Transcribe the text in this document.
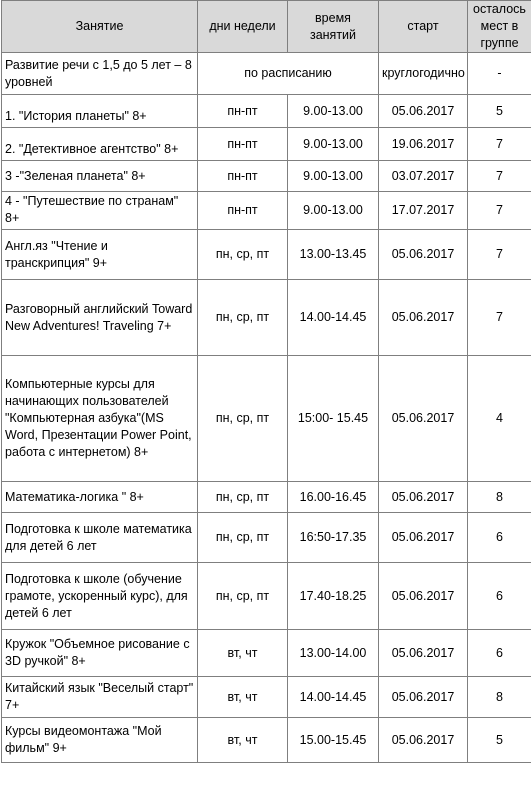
Занятие	дни недели	время занятий	старт	осталось мест в группе
Развитие речи с 1,5 до 5 лет – 8 уровней	по расписанию		круглогодично	-
1. "История планеты" 8+	пн-пт	9.00-13.00	05.06.2017	5
2. "Детективное агентство" 8+	пн-пт	9.00-13.00	19.06.2017	7
3 -"Зеленая планета" 8+	пн-пт	9.00-13.00	03.07.2017	7
4 - "Путешествие по странам" 8+	пн-пт	9.00-13.00	17.07.2017	7
Англ.яз "Чтение и транскрипция" 9+	пн, ср, пт	13.00-13.45	05.06.2017	7
Разговорный английский Toward New Adventures! Traveling 7+	пн, ср, пт	14.00-14.45	05.06.2017	7
Компьютерные курсы для начинающих пользователей "Компьютерная азбука"(MS Word, Презентации Power Point, работа с интернетом) 8+	пн, ср, пт	15:00- 15.45	05.06.2017	4
Математика-логика " 8+	пн, ср, пт	16.00-16.45	05.06.2017	8
Подготовка к школе математика для детей 6 лет	пн, ср, пт	16:50-17.35	05.06.2017	6
Подготовка к школе (обучение грамоте, ускоренный курс), для детей 6 лет	пн, ср, пт	17.40-18.25	05.06.2017	6
Кружок "Объемное рисование с 3D ручкой" 8+	вт, чт	13.00-14.00	05.06.2017	6
Китайский язык "Веселый старт" 7+	вт, чт	14.00-14.45	05.06.2017	8
Курсы видеомонтажа "Мой фильм" 9+	вт, чт	15.00-15.45	05.06.2017	5
